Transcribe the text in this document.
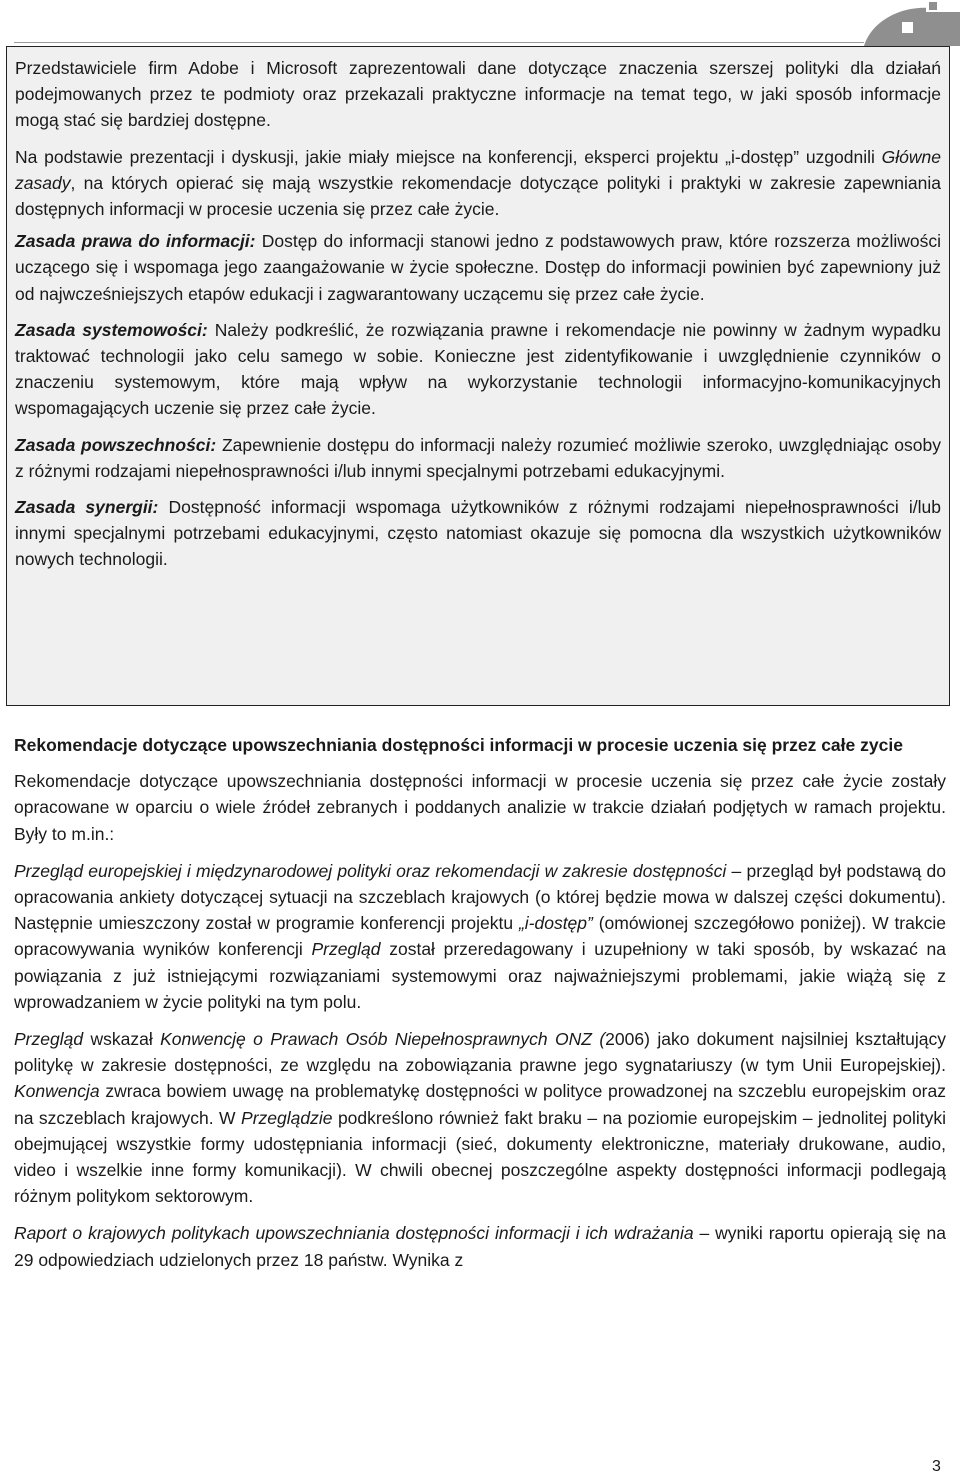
Przedstawiciele firm Adobe i Microsoft zaprezentowali dane dotyczące znaczenia szerszej polityki dla działań podejmowanych przez te podmioty oraz przekazali praktyczne informacje na temat tego, w jaki sposób informacje mogą stać się bardziej dostępne.

Na podstawie prezentacji i dyskusji, jakie miały miejsce na konferencji, eksperci projektu „i-dostęp” uzgodnili Główne zasady, na których opierać się mają wszystkie rekomendacje dotyczące polityki i praktyki w zakresie zapewniania dostępnych informacji w procesie uczenia się przez całe życie.

Zasada prawa do informacji: Dostęp do informacji stanowi jedno z podstawowych praw, które rozszerza możliwości uczącego się i wspomaga jego zaangażowanie w życie społeczne. Dostęp do informacji powinien być zapewniony już od najwcześniejszych etapów edukacji i zagwarantowany uczącemu się przez całe życie.

Zasada systemowości: Należy podkreślić, że rozwiązania prawne i rekomendacje nie powinny w żadnym wypadku traktować technologii jako celu samego w sobie. Konieczne jest zidentyfikowanie i uwzględnienie czynników o znaczeniu systemowym, które mają wpływ na wykorzystanie technologii informacyjno-komunikacyjnych wspomagających uczenie się przez całe życie.

Zasada powszechności: Zapewnienie dostępu do informacji należy rozumieć możliwie szeroko, uwzględniając osoby z różnymi rodzajami niepełnosprawności i/lub innymi specjalnymi potrzebami edukacyjnymi.

Zasada synergii: Dostępność informacji wspomaga użytkowników z różnymi rodzajami niepełnosprawności i/lub innymi specjalnymi potrzebami edukacyjnymi, często natomiast okazuje się pomocna dla wszystkich użytkowników nowych technologii.

Rekomendacje dotyczące upowszechniania dostępności informacji w procesie uczenia się przez całe zycie

Rekomendacje dotyczące upowszechniania dostępności informacji w procesie uczenia się przez całe życie zostały opracowane w oparciu o wiele źródeł zebranych i poddanych analizie w trakcie działań podjętych w ramach projektu. Były to m.in.:

Przegląd europejskiej i międzynarodowej polityki oraz rekomendacji w zakresie dostępności – przegląd był podstawą do opracowania ankiety dotyczącej sytuacji na szczeblach krajowych (o której będzie mowa w dalszej części dokumentu). Następnie umieszczony został w programie konferencji projektu „i-dostęp” (omówionej szczegółowo poniżej). W trakcie opracowywania wyników konferencji Przegląd został przeredagowany i uzupełniony w taki sposób, by wskazać na powiązania z już istniejącymi rozwiązaniami systemowymi oraz najważniejszymi problemami, jakie wiążą się z wprowadzaniem w życie polityki na tym polu.

Przegląd wskazał Konwencję o Prawach Osób Niepełnosprawnych ONZ (2006) jako dokument najsilniej kształtujący politykę w zakresie dostępności, ze względu na zobowiązania prawne jego sygnatariuszy (w tym Unii Europejskiej). Konwencja zwraca bowiem uwagę na problematykę dostępności w polityce prowadzonej na szczeblu europejskim oraz na szczeblach krajowych. W Przeglądzie podkreślono również fakt braku – na poziomie europejskim – jednolitej polityki obejmującej wszystkie formy udostępniania informacji (sieć, dokumenty elektroniczne, materiały drukowane, audio, video i wszelkie inne formy komunikacji). W chwili obecnej poszczególne aspekty dostępności informacji podlegają różnym politykom sektorowym.

Raport o krajowych politykach upowszechniania dostępności informacji i ich wdrażania – wyniki raportu opierają się na 29 odpowiedziach udzielonych przez 18 państw. Wynika z

3
